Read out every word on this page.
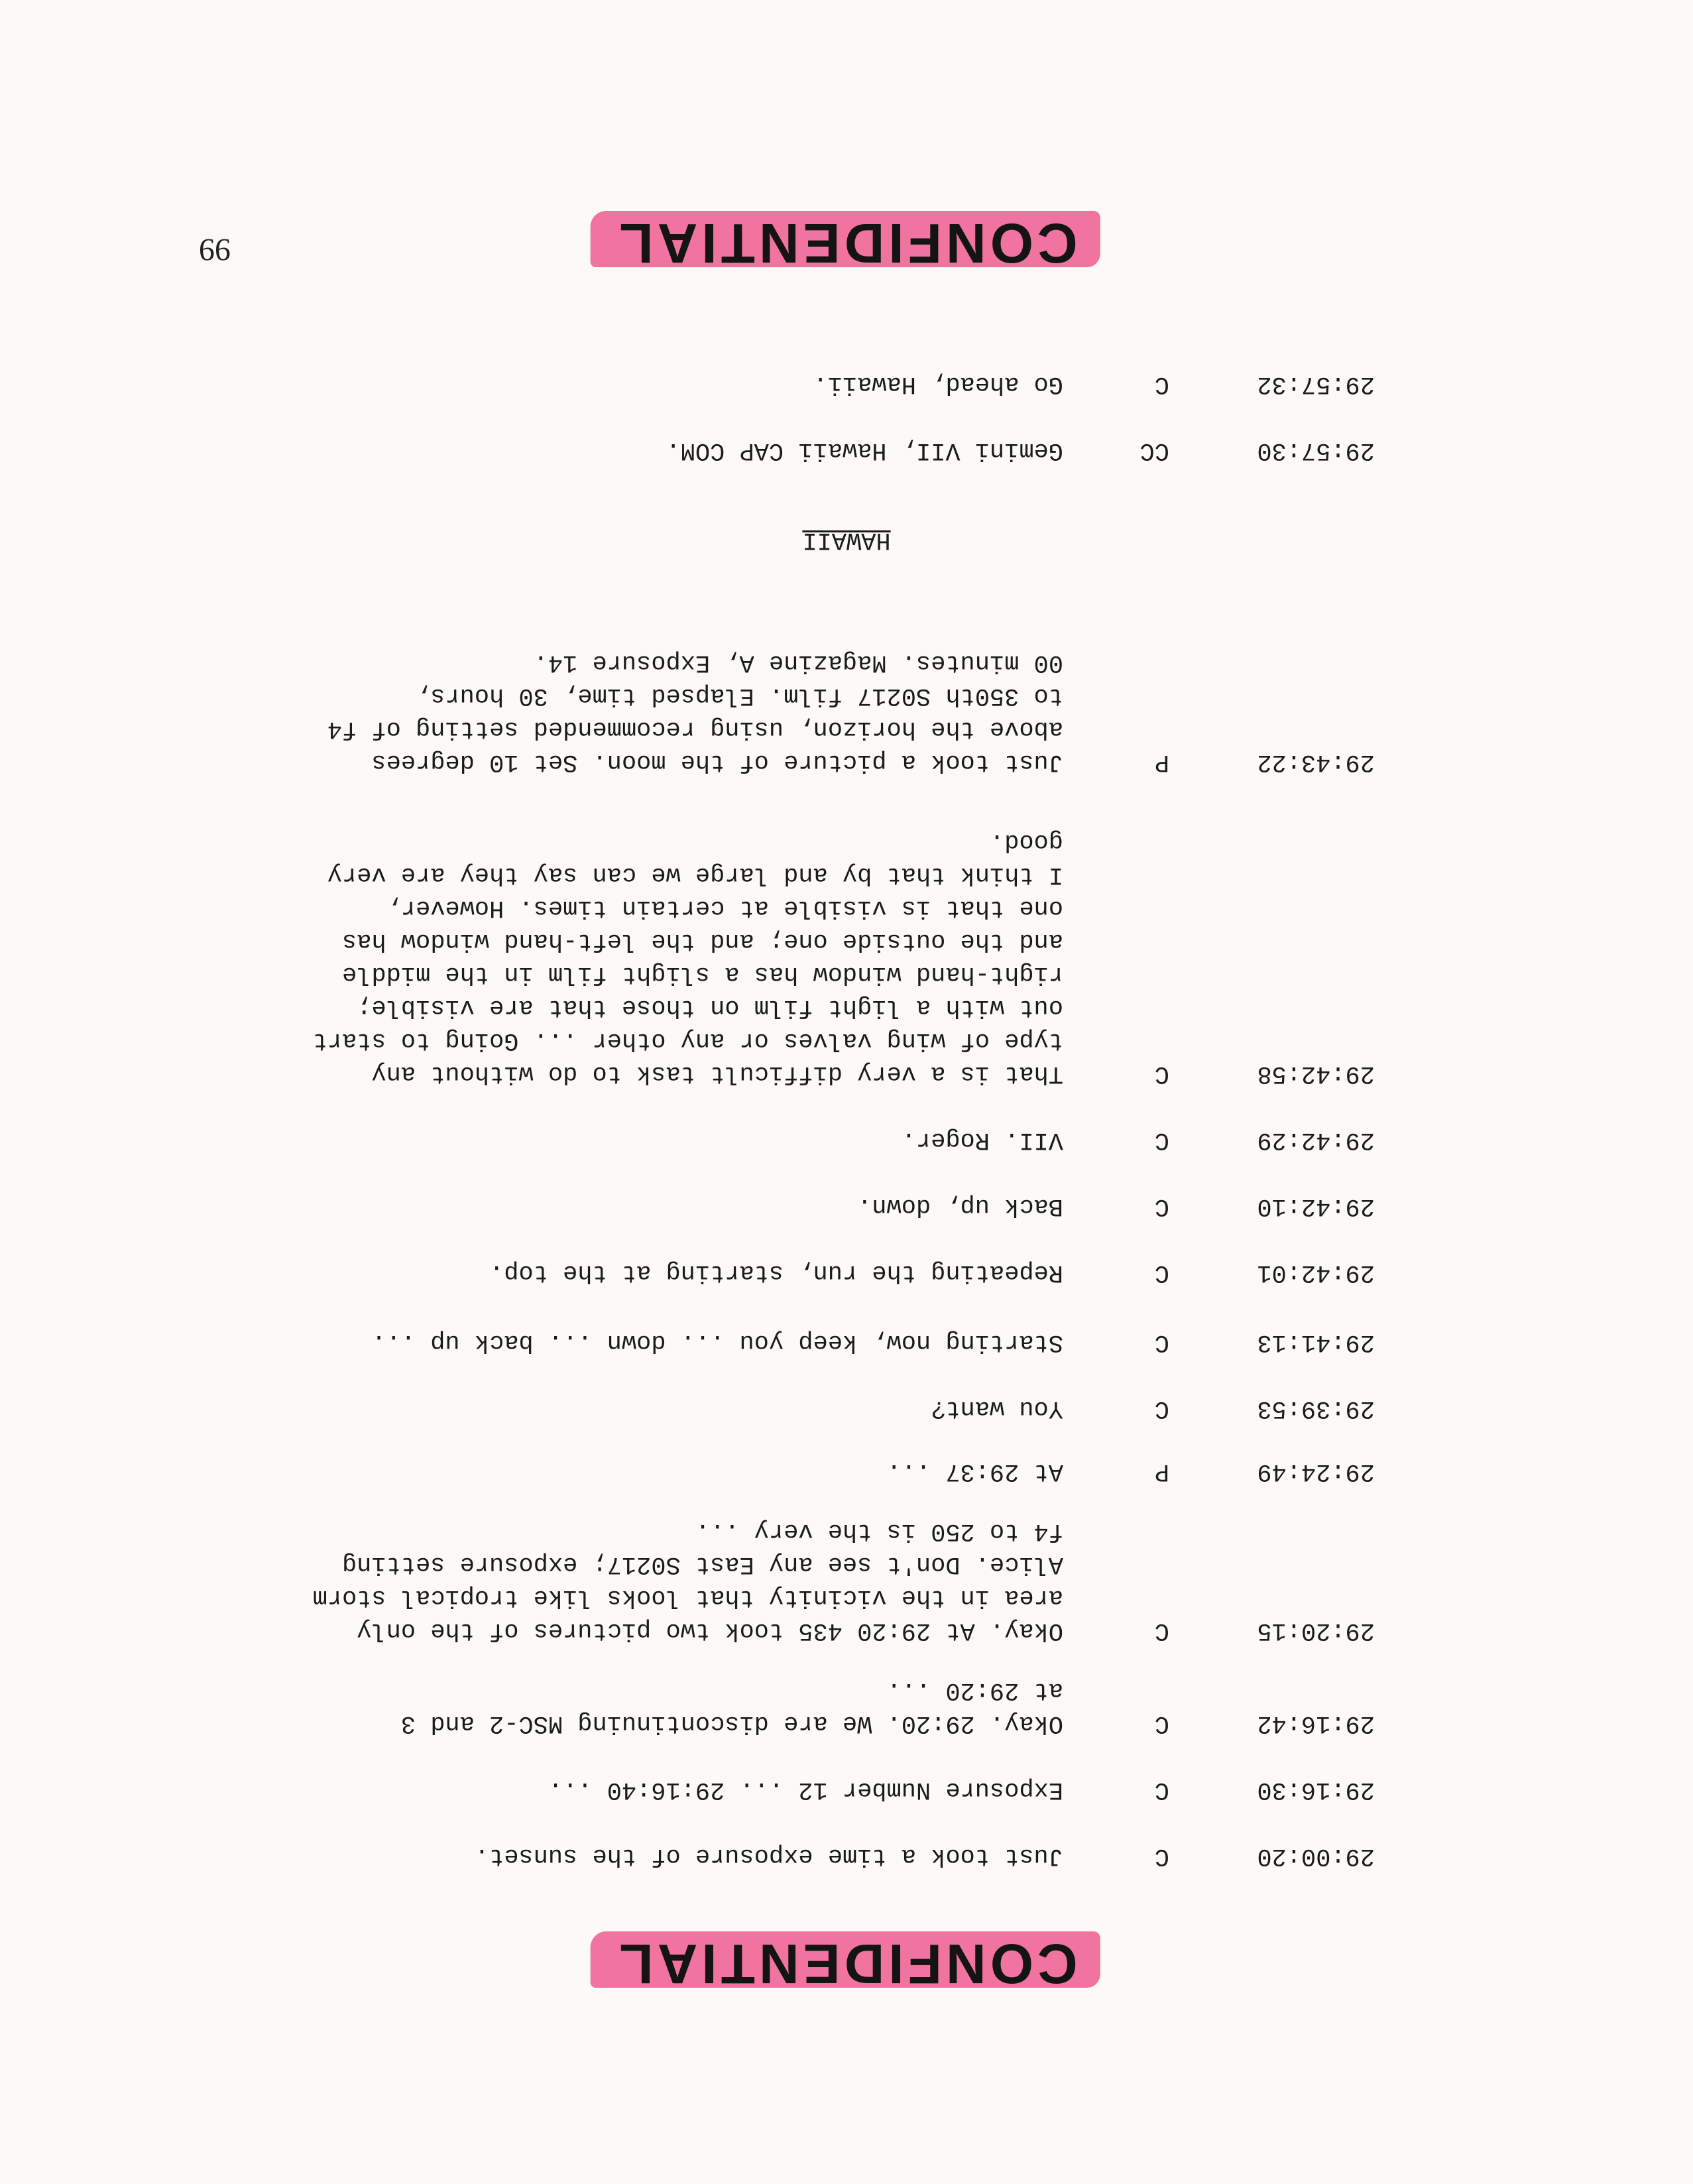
CONFIDENTIAL
29:00:20
C
Just took a time exposure of the sunset.
29:16:30
C
Exposure Number 12 ... 29:16:40 ...
29:16:42
C
Okay. 29:20. We are discontinuing MSC-2 and 3
at 29:20 ...
29:20:15
C
Okay. At 29:20 435 took two pictures of the only
area in the vicinity that looks like tropical storm
Alice. Don't see any East S0217; exposure setting
f4 to 250 is the very ...
29:24:49
P
At 29:37 ...
29:39:53
C
You want?
29:41:13
C
Starting now, keep you ... down ... back up ...
29:42:01
C
Repeating the run, starting at the top.
29:42:10
C
Back up, down.
29:42:29
C
VII. Roger.
29:42:58
C
That is a very difficult task to do without any
type of wing valves or any other ... Going to start
out with a light film on those that are visible;
right-hand window has a slight film in the middle
and the outside one; and the left-hand window has
one that is visible at certain times. However,
I think that by and large we can say they are very
good.
29:43:22
P
Just took a picture of the moon. Set 10 degrees
above the horizon, using recommended setting of f4
to 350th S0217 film. Elapsed time, 30 hours,
00 minutes. Magazine A, Exposure 14.
HAWAII
29:57:30
CC
Gemini VII, Hawaii CAP COM.
29:57:32
C
Go ahead, Hawaii.
CONFIDENTIAL
99
